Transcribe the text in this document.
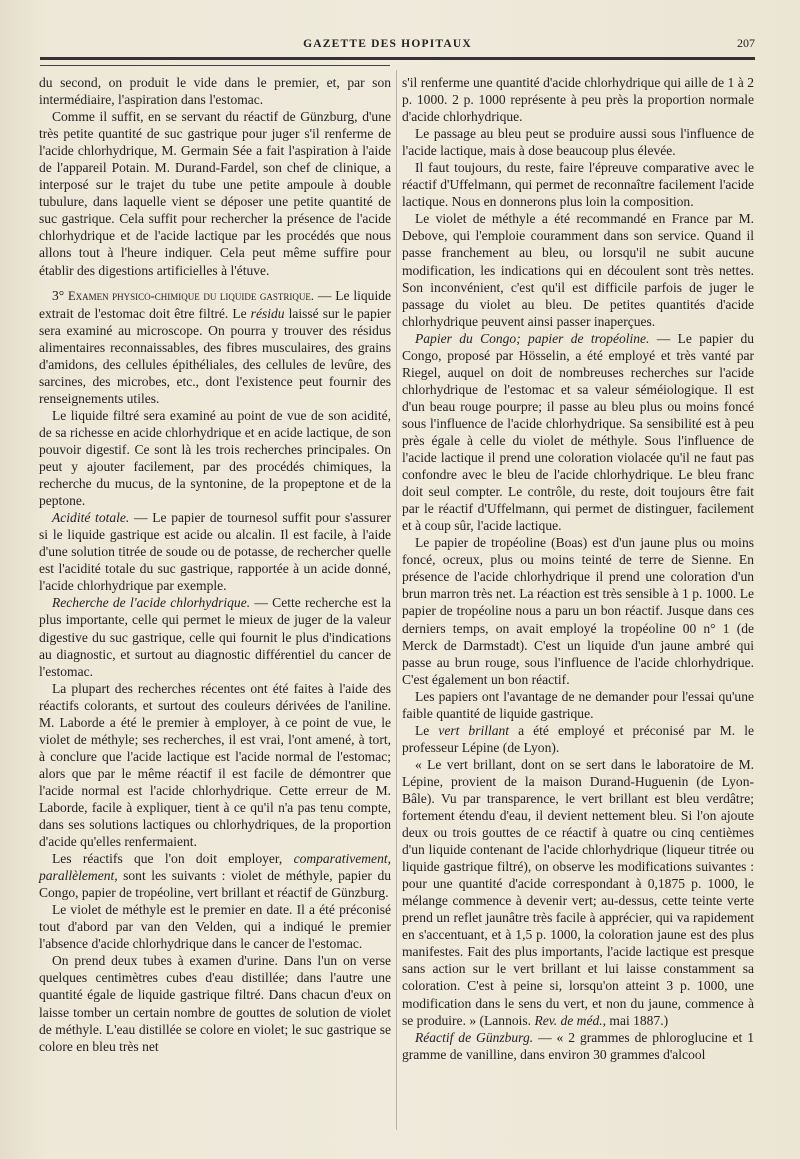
GAZETTE DES HOPITAUX	207

du second, on produit le vide dans le premier, et, par son intermédiaire, l'aspiration dans l'estomac.

Comme il suffit, en se servant du réactif de Günzburg, d'une très petite quantité de suc gastrique pour juger s'il renferme de l'acide chlorhydrique, M. Germain Sée a fait l'aspiration à l'aide de l'appareil Potain. M. Durand-Fardel, son chef de clinique, a interposé sur le trajet du tube une petite ampoule à double tubulure, dans laquelle vient se déposer une petite quantité de suc gastrique. Cela suffit pour rechercher la présence de l'acide chlorhydrique et de l'acide lactique par les procédés que nous allons tout à l'heure indiquer. Cela peut même suffire pour établir des digestions artificielles à l'étuve.

3° Examen physico-chimique du liquide gastrique. — Le liquide extrait de l'estomac doit être filtré. Le résidu laissé sur le papier sera examiné au microscope. On pourra y trouver des résidus alimentaires reconnaissables, des fibres musculaires, des grains d'amidons, des cellules épithéliales, des cellules de levûre, des sarcines, des microbes, etc., dont l'existence peut fournir des renseignements utiles.

Le liquide filtré sera examiné au point de vue de son acidité, de sa richesse en acide chlorhydrique et en acide lactique, de son pouvoir digestif. Ce sont là les trois recherches principales. On peut y ajouter facilement, par des procédés chimiques, la recherche du mucus, de la syntonine, de la propeptone et de la peptone.

Acidité totale. — Le papier de tournesol suffit pour s'assurer si le liquide gastrique est acide ou alcalin. Il est facile, à l'aide d'une solution titrée de soude ou de potasse, de rechercher quelle est l'acidité totale du suc gastrique, rapportée à un acide donné, l'acide chlorhydrique par exemple.

Recherche de l'acide chlorhydrique. — Cette recherche est la plus importante, celle qui permet le mieux de juger de la valeur digestive du suc gastrique, celle qui fournit le plus d'indications au diagnostic, et surtout au diagnostic différentiel du cancer de l'estomac.

La plupart des recherches récentes ont été faites à l'aide des réactifs colorants, et surtout des couleurs dérivées de l'aniline. M. Laborde a été le premier à employer, à ce point de vue, le violet de méthyle; ses recherches, il est vrai, l'ont amené, à tort, à conclure que l'acide lactique est l'acide normal de l'estomac; alors que par le même réactif il est facile de démontrer que l'acide normal est l'acide chlorhydrique. Cette erreur de M. Laborde, facile à expliquer, tient à ce qu'il n'a pas tenu compte, dans ses solutions lactiques ou chlorhydriques, de la proportion d'acide qu'elles renfermaient.

Les réactifs que l'on doit employer, comparativement, parallèlement, sont les suivants : violet de méthyle, papier du Congo, papier de tropéoline, vert brillant et réactif de Günzburg.

Le violet de méthyle est le premier en date. Il a été préconisé tout d'abord par van den Velden, qui a indiqué le premier l'absence d'acide chlorhydrique dans le cancer de l'estomac.

On prend deux tubes à examen d'urine. Dans l'un on verse quelques centimètres cubes d'eau distillée; dans l'autre une quantité égale de liquide gastrique filtré. Dans chacun d'eux on laisse tomber un certain nombre de gouttes de solution de violet de méthyle. L'eau distillée se colore en violet; le suc gastrique se colore en bleu très net

s'il renferme une quantité d'acide chlorhydrique qui aille de 1 à 2 p. 1000. 2 p. 1000 représente à peu près la proportion normale d'acide chlorhydrique.

Le passage au bleu peut se produire aussi sous l'influence de l'acide lactique, mais à dose beaucoup plus élevée.

Il faut toujours, du reste, faire l'épreuve comparative avec le réactif d'Uffelmann, qui permet de reconnaître facilement l'acide lactique. Nous en donnerons plus loin la composition.

Le violet de méthyle a été recommandé en France par M. Debove, qui l'emploie couramment dans son service. Quand il passe franchement au bleu, ou lorsqu'il ne subit aucune modification, les indications qui en découlent sont très nettes. Son inconvénient, c'est qu'il est difficile parfois de juger le passage du violet au bleu. De petites quantités d'acide chlorhydrique peuvent ainsi passer inaperçues.

Papier du Congo; papier de tropéoline. — Le papier du Congo, proposé par Hösselin, a été employé et très vanté par Riegel, auquel on doit de nombreuses recherches sur l'acide chlorhydrique de l'estomac et sa valeur séméiologique. Il est d'un beau rouge pourpre; il passe au bleu plus ou moins foncé sous l'influence de l'acide chlorhydrique. Sa sensibilité est à peu près égale à celle du violet de méthyle. Sous l'influence de l'acide lactique il prend une coloration violacée qu'il ne faut pas confondre avec le bleu de l'acide chlorhydrique. Le bleu franc doit seul compter. Le contrôle, du reste, doit toujours être fait par le réactif d'Uffelmann, qui permet de distinguer, facilement et à coup sûr, l'acide lactique.

Le papier de tropéoline (Boas) est d'un jaune plus ou moins foncé, ocreux, plus ou moins teinté de terre de Sienne. En présence de l'acide chlorhydrique il prend une coloration d'un brun marron très net. La réaction est très sensible à 1 p. 1000. Le papier de tropéoline nous a paru un bon réactif. Jusque dans ces derniers temps, on avait employé la tropéoline 00 n° 1 (de Merck de Darmstadt). C'est un liquide d'un jaune ambré qui passe au brun rouge, sous l'influence de l'acide chlorhydrique. C'est également un bon réactif.

Les papiers ont l'avantage de ne demander pour l'essai qu'une faible quantité de liquide gastrique.

Le vert brillant a été employé et préconisé par M. le professeur Lépine (de Lyon).

« Le vert brillant, dont on se sert dans le laboratoire de M. Lépine, provient de la maison Durand-Huguenin (de Lyon-Bâle). Vu par transparence, le vert brillant est bleu verdâtre; fortement étendu d'eau, il devient nettement bleu. Si l'on ajoute deux ou trois gouttes de ce réactif à quatre ou cinq centièmes d'un liquide contenant de l'acide chlorhydrique (liqueur titrée ou liquide gastrique filtré), on observe les modifications suivantes : pour une quantité d'acide correspondant à 0,1875 p. 1000, le mélange commence à devenir vert; au-dessus, cette teinte verte prend un reflet jaunâtre très facile à apprécier, qui va rapidement en s'accentuant, et à 1,5 p. 1000, la coloration jaune est des plus manifestes. Fait des plus importants, l'acide lactique est presque sans action sur le vert brillant et lui laisse constamment sa coloration. C'est à peine si, lorsqu'on atteint 3 p. 1000, une modification dans le sens du vert, et non du jaune, commence à se produire. » (Lannois. Rev. de méd., mai 1887.)

Réactif de Günzburg. — « 2 grammes de phloroglucine et 1 gramme de vanilline, dans environ 30 grammes d'alcool
